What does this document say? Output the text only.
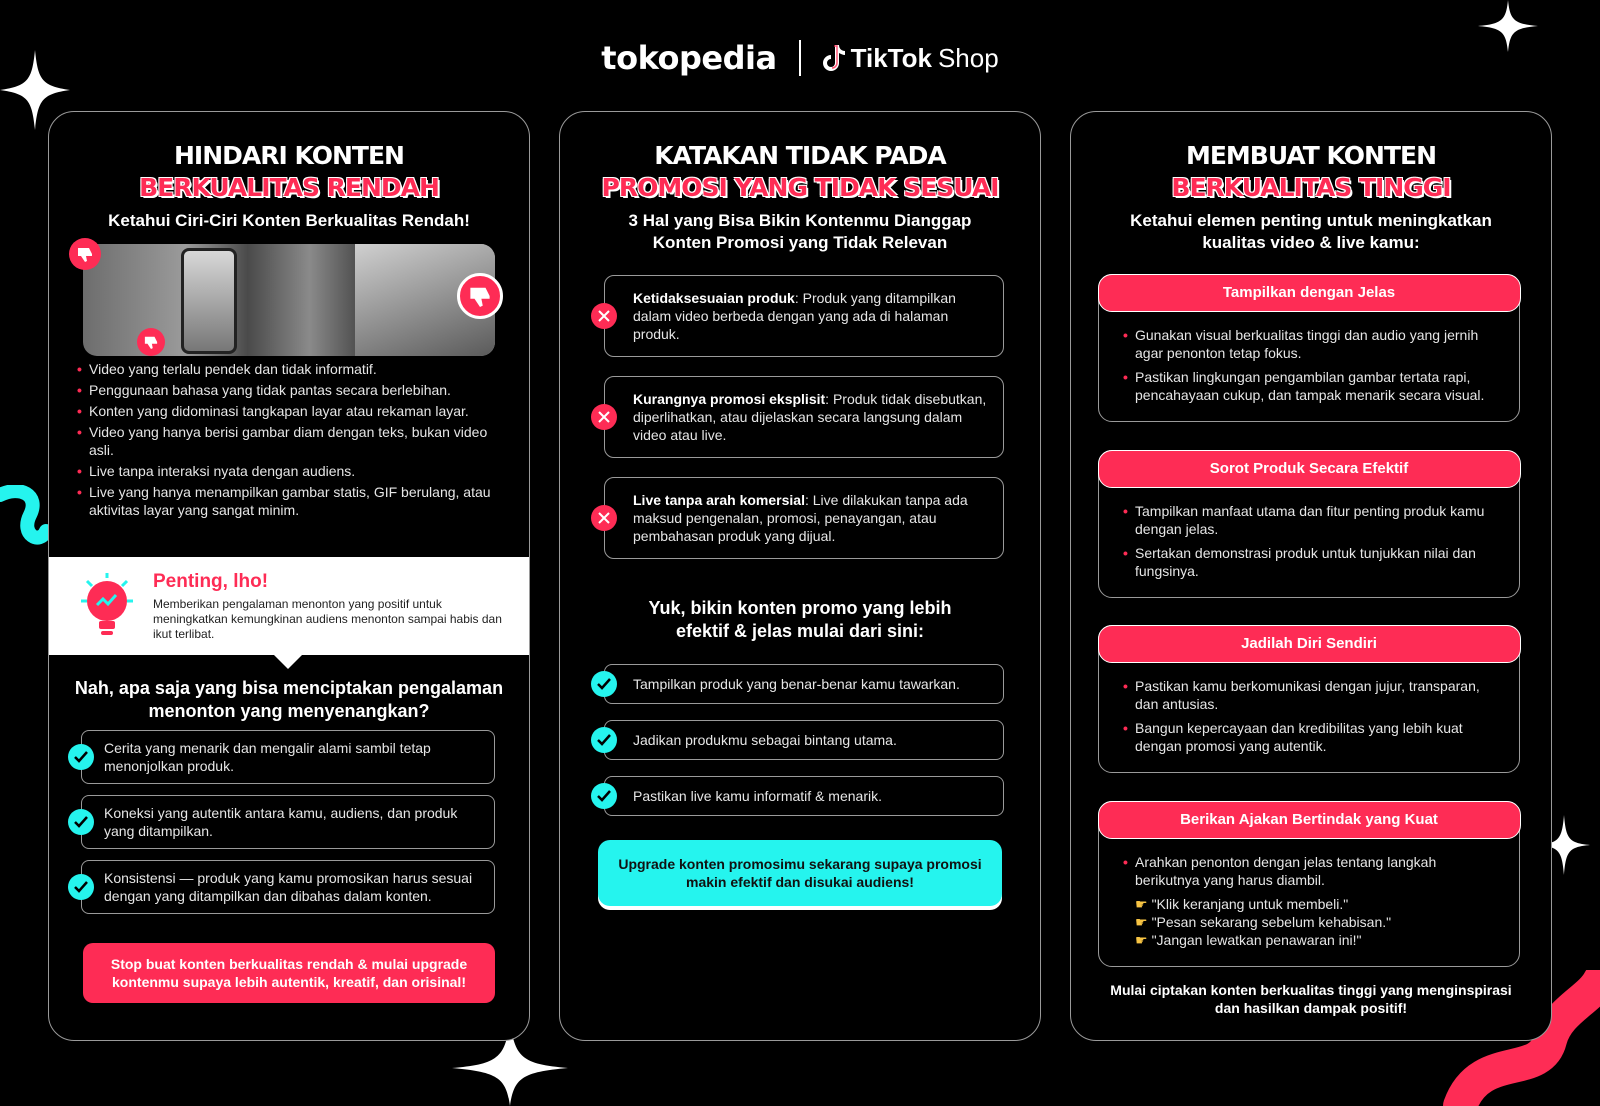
tokopedia	TikTok Shop
HINDARI KONTEN
BERKUALITAS RENDAH
Ketahui Ciri-Ciri Konten Berkualitas Rendah!
• Video yang terlalu pendek dan tidak informatif.
• Penggunaan bahasa yang tidak pantas secara berlebihan.
• Konten yang didominasi tangkapan layar atau rekaman layar.
• Video yang hanya berisi gambar diam dengan teks, bukan video asli.
• Live tanpa interaksi nyata dengan audiens.
• Live yang hanya menampilkan gambar statis, GIF berulang, atau aktivitas layar yang sangat minim.
Penting, lho!
Memberikan pengalaman menonton yang positif untuk meningkatkan kemungkinan audiens menonton sampai habis dan ikut terlibat.
Nah, apa saja yang bisa menciptakan pengalaman menonton yang menyenangkan?
Cerita yang menarik dan mengalir alami sambil tetap menonjolkan produk.
Koneksi yang autentik antara kamu, audiens, dan produk yang ditampilkan.
Konsistensi — produk yang kamu promosikan harus sesuai dengan yang ditampilkan dan dibahas dalam konten.
Stop buat konten berkualitas rendah & mulai upgrade kontenmu supaya lebih autentik, kreatif, dan orisinal!
KATAKAN TIDAK PADA
PROMOSI YANG TIDAK SESUAI
3 Hal yang Bisa Bikin Kontenmu Dianggap Konten Promosi yang Tidak Relevan
Ketidaksesuaian produk: Produk yang ditampilkan dalam video berbeda dengan yang ada di halaman produk.
Kurangnya promosi eksplisit: Produk tidak disebutkan, diperlihatkan, atau dijelaskan secara langsung dalam video atau live.
Live tanpa arah komersial: Live dilakukan tanpa ada maksud pengenalan, promosi, penayangan, atau pembahasan produk yang dijual.
Yuk, bikin konten promo yang lebih efektif & jelas mulai dari sini:
Tampilkan produk yang benar-benar kamu tawarkan.
Jadikan produkmu sebagai bintang utama.
Pastikan live kamu informatif & menarik.
Upgrade konten promosimu sekarang supaya promosi makin efektif dan disukai audiens!
MEMBUAT KONTEN
BERKUALITAS TINGGI
Ketahui elemen penting untuk meningkatkan kualitas video & live kamu:
Tampilkan dengan Jelas
• Gunakan visual berkualitas tinggi dan audio yang jernih agar penonton tetap fokus.
• Pastikan lingkungan pengambilan gambar tertata rapi, pencahayaan cukup, dan tampak menarik secara visual.
Sorot Produk Secara Efektif
• Tampilkan manfaat utama dan fitur penting produk kamu dengan jelas.
• Sertakan demonstrasi produk untuk tunjukkan nilai dan fungsinya.
Jadilah Diri Sendiri
• Pastikan kamu berkomunikasi dengan jujur, transparan, dan antusias.
• Bangun kepercayaan dan kredibilitas yang lebih kuat dengan promosi yang autentik.
Berikan Ajakan Bertindak yang Kuat
• Arahkan penonton dengan jelas tentang langkah berikutnya yang harus diambil.
☛ "Klik keranjang untuk membeli."
☛ "Pesan sekarang sebelum kehabisan."
☛ "Jangan lewatkan penawaran ini!"
Mulai ciptakan konten berkualitas tinggi yang menginspirasi dan hasilkan dampak positif!
